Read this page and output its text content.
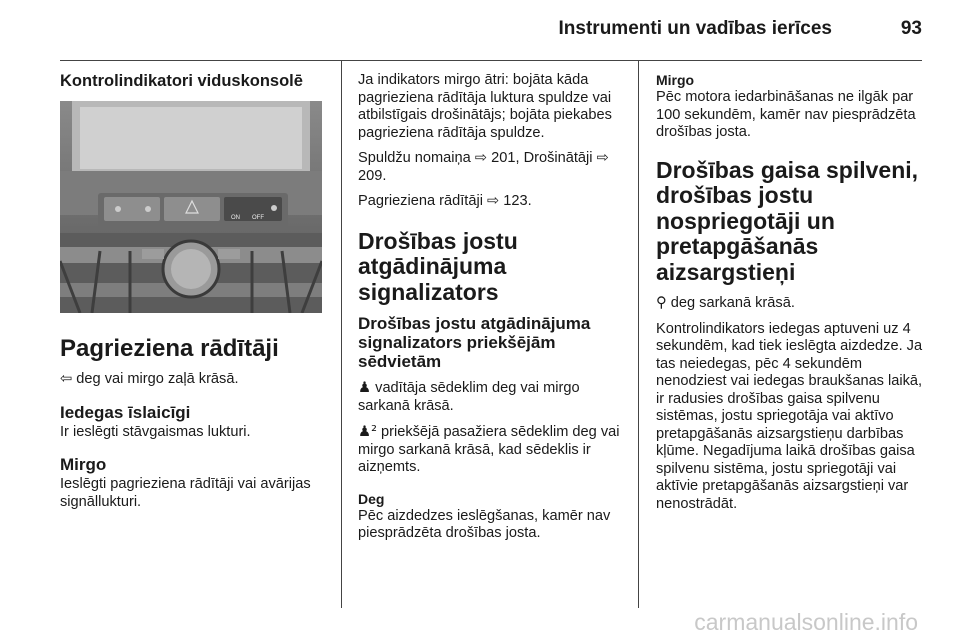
Instrumenti un vadības ierīces	93
Kontrolindikatori viduskonsolē
ON OFF
Pagrieziena rādītāji

⇦ deg vai mirgo zaļā krāsā.

Iedegas īslaicīgi

Ir ieslēgti stāvgaismas lukturi.

Mirgo

Ieslēgti pagrieziena rādītāji vai avārijas signāllukturi.

Ja indikators mirgo ātri: bojāta kāda pagrieziena rādītāja luktura spuldze vai atbilstīgais drošinātājs; bojāta piekabes pagrieziena rādītāja spuldze.

Spuldžu nomaiņa ⇨ 201, Drošinātāji ⇨ 209.

Pagrieziena rādītāji ⇨ 123.

Drošības jostu atgādinājuma signalizators
Drošības jostu atgādinājuma signalizators priekšējām sēdvietām

♟ vadītāja sēdeklim deg vai mirgo sarkanā krāsā.

♟² priekšējā pasažiera sēdeklim deg vai mirgo sarkanā krāsā, kad sēdeklis ir aizņemts.

Deg

Pēc aizdedzes ieslēgšanas, kamēr nav piesprādzēta drošības josta.

Mirgo

Pēc motora iedarbināšanas ne ilgāk par 100 sekundēm, kamēr nav piesprādzēta drošības josta.

Drošības gaisa spilveni, drošības jostu nospriegotāji un pretapgāšanās aizsargstieņi

⚲ deg sarkanā krāsā.

Kontrolindikators iedegas aptuveni uz 4 sekundēm, kad tiek ieslēgta aizdedze. Ja tas neiedegas, pēc 4 sekundēm nenodziest vai iedegas braukšanas laikā, ir radusies drošības gaisa spilvenu sistēmas, jostu spriegotāja vai aktīvo pretapgāšanās aizsargstieņu darbības kļūme. Negadījuma laikā drošības gaisa spilvenu sistēma, jostu spriegotāji vai aktīvie pretapgāšanās aizsargstieņi var nenostrādāt.

carmanualsonline.info
